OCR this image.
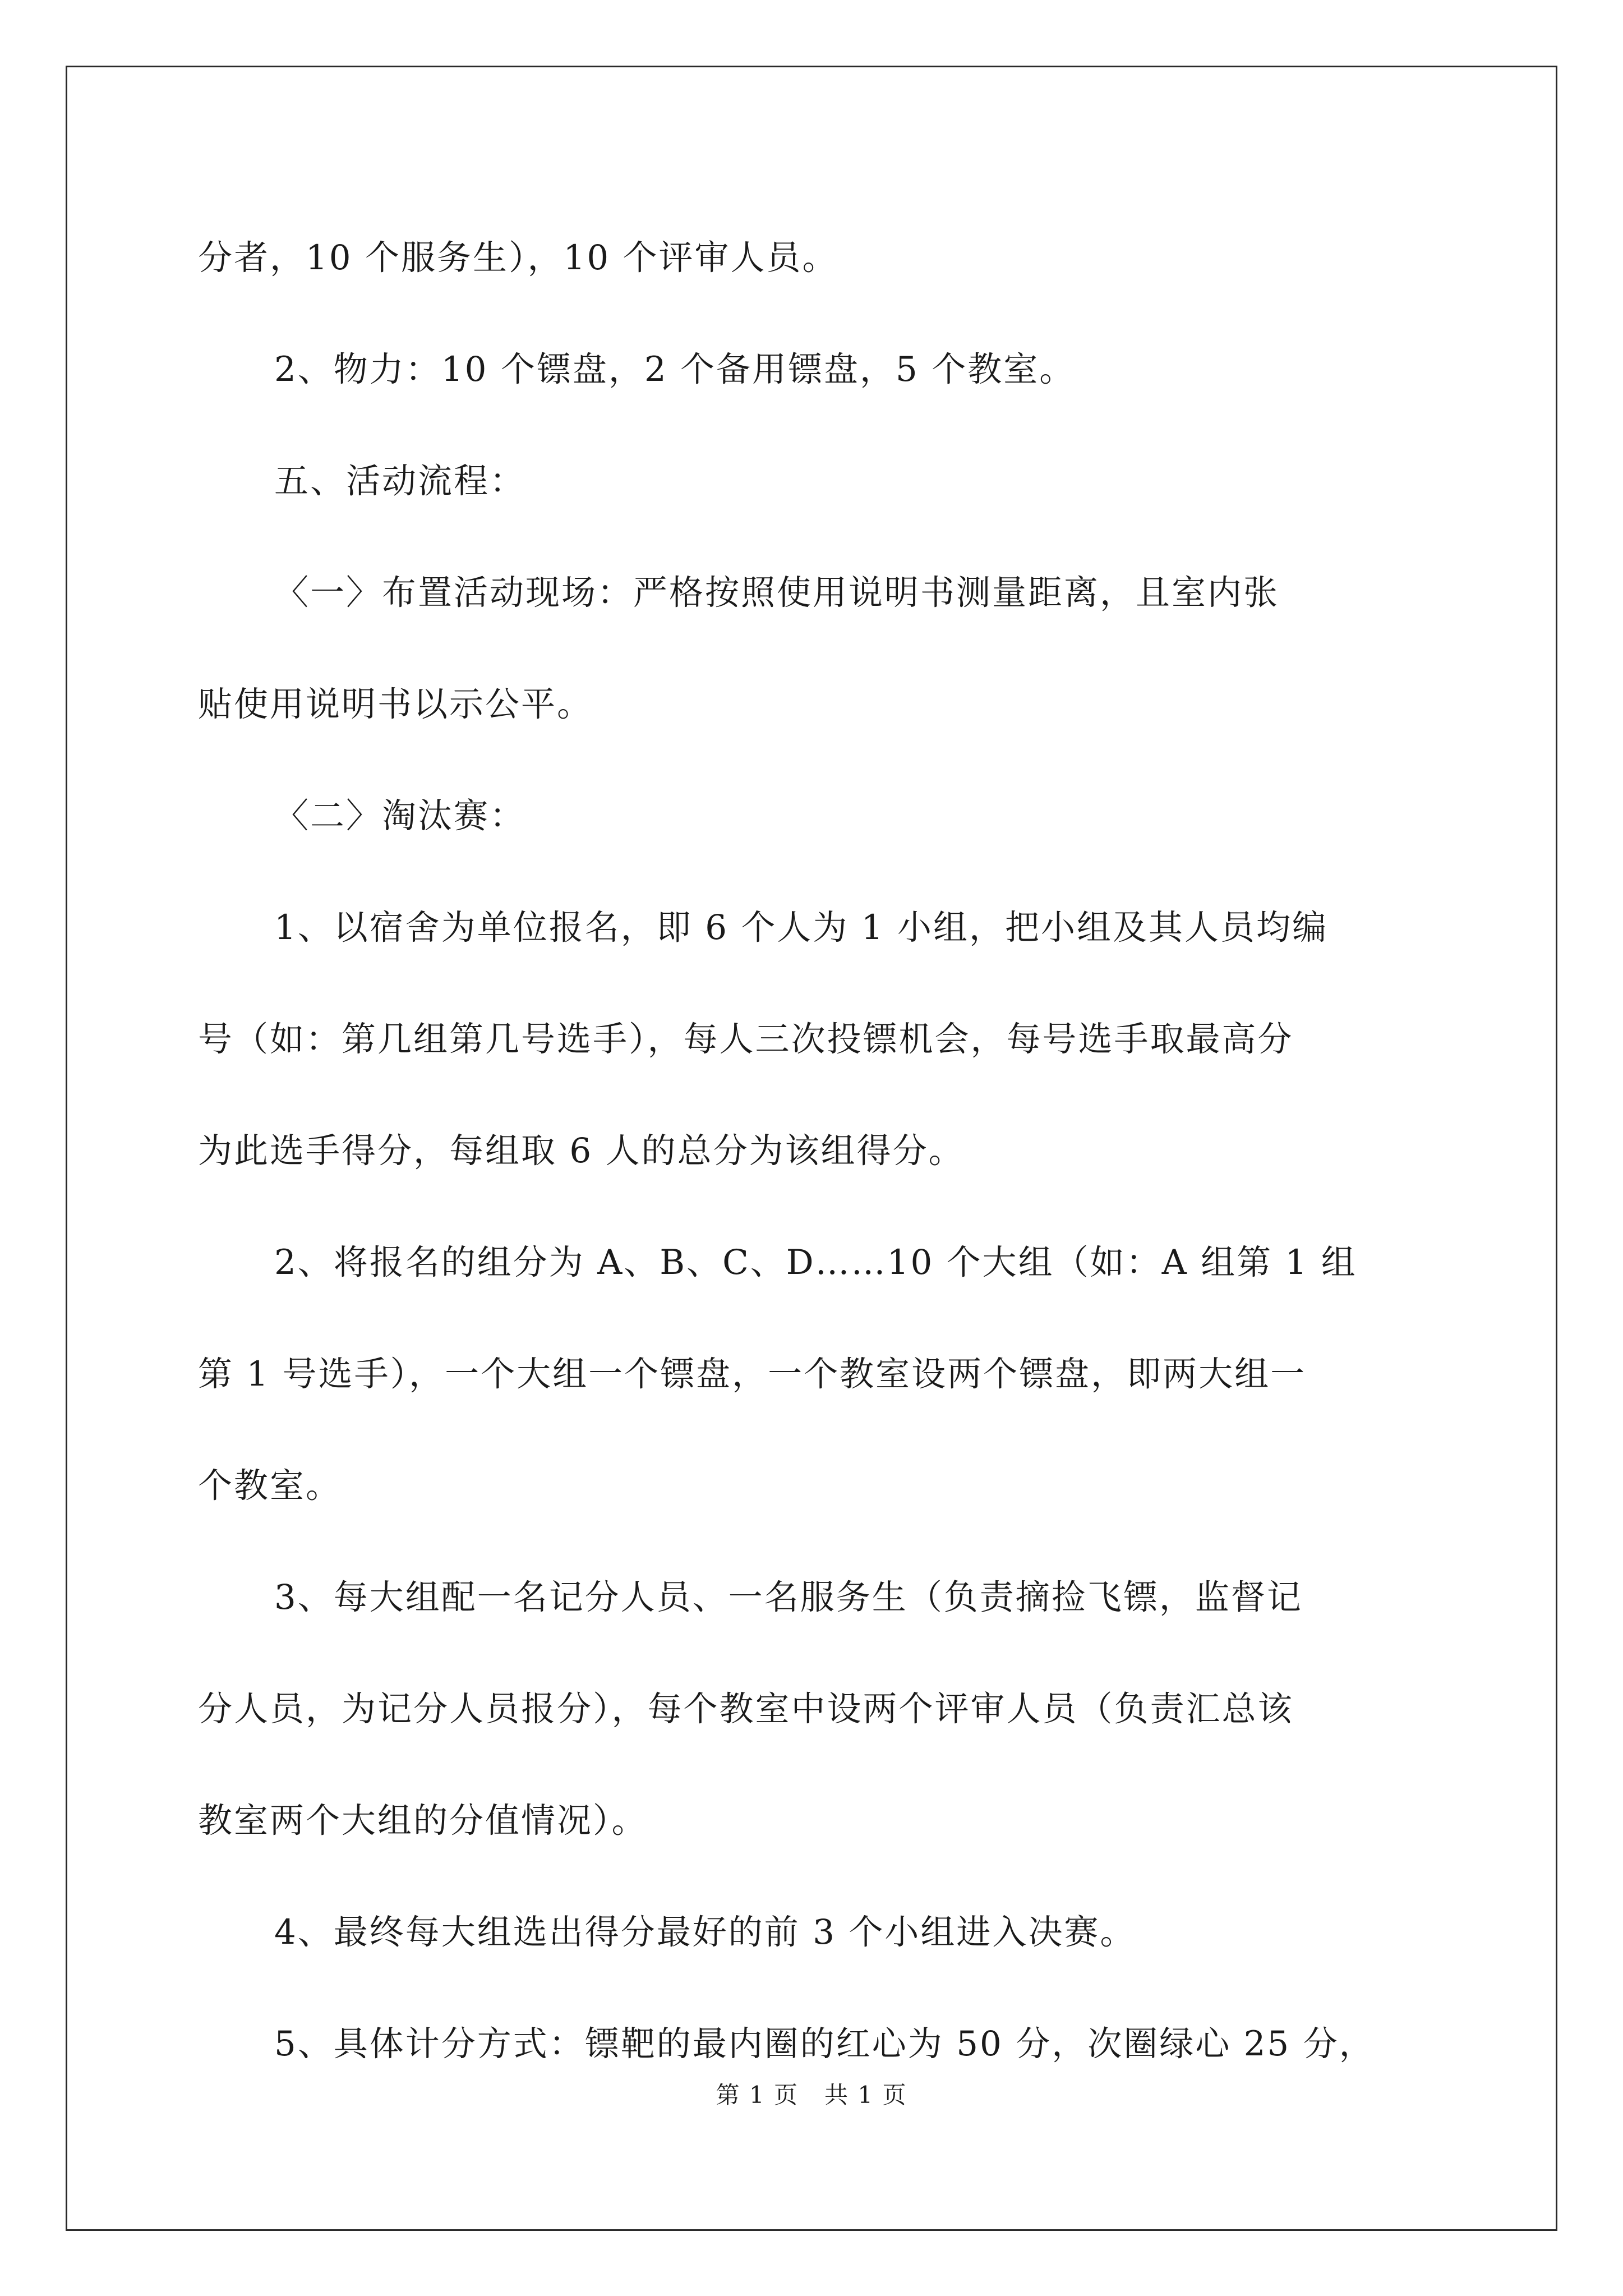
分者，10 个服务生），10 个评审人员。

2、物力：10 个镖盘，2 个备用镖盘，5 个教室。

五、活动流程：

〈一〉布置活动现场：严格按照使用说明书测量距离，且室内张

贴使用说明书以示公平。

〈二〉淘汰赛：

1、以宿舍为单位报名，即 6 个人为 1 小组，把小组及其人员均编

号（如：第几组第几号选手），每人三次投镖机会，每号选手取最高分

为此选手得分，每组取 6 人的总分为该组得分。

2、将报名的组分为 A、B、C、D……10 个大组（如：A 组第 1 组

第 1 号选手），一个大组一个镖盘，一个教室设两个镖盘，即两大组一

个教室。

3、每大组配一名记分人员、一名服务生（负责摘捡飞镖，监督记

分人员，为记分人员报分），每个教室中设两个评审人员（负责汇总该

教室两个大组的分值情况）。

4、最终每大组选出得分最好的前 3 个小组进入决赛。

5、具体计分方式：镖靶的最内圈的红心为 50 分，次圈绿心 25 分，

第 1 页   共 1 页
